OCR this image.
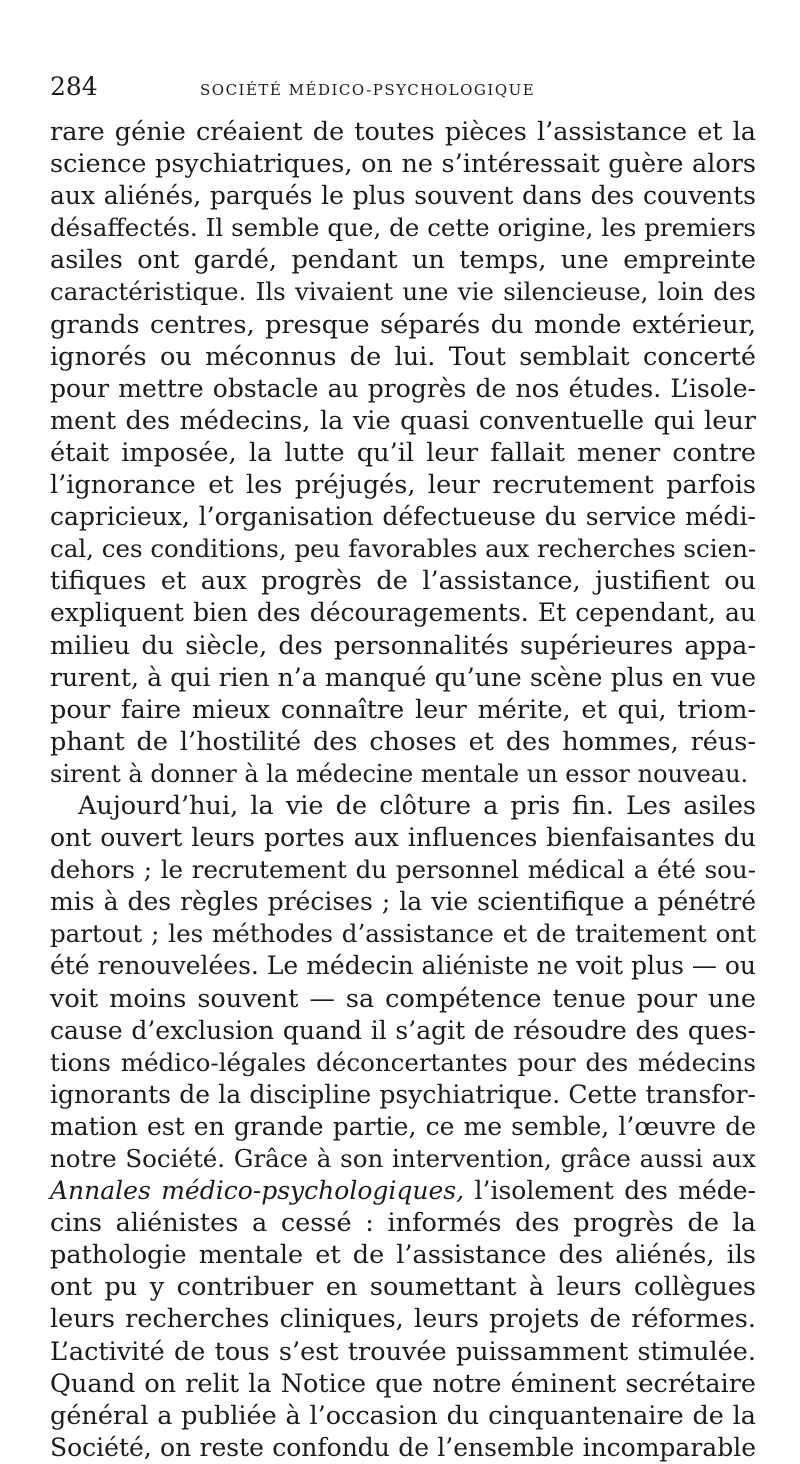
284	SOCIÉTÉ MÉDICO-PSYCHOLOGIQUE

rare génie créaient de toutes pièces l’assistance et la

science psychiatriques, on ne s’intéressait guère alors

aux aliénés, parqués le plus souvent dans des couvents

désaffectés. Il semble que, de cette origine, les premiers

asiles ont gardé, pendant un temps, une empreinte

caractéristique. Ils vivaient une vie silencieuse, loin des

grands centres, presque séparés du monde extérieur,

ignorés ou méconnus de lui. Tout semblait concerté

pour mettre obstacle au progrès de nos études. L’isole-

ment des médecins, la vie quasi conventuelle qui leur

était imposée, la lutte qu’il leur fallait mener contre

l’ignorance et les préjugés, leur recrutement parfois

capricieux, l’organisation défectueuse du service médi-

cal, ces conditions, peu favorables aux recherches scien-

tifiques et aux progrès de l’assistance, justifient ou

expliquent bien des découragements. Et cependant, au

milieu du siècle, des personnalités supérieures appa-

rurent, à qui rien n’a manqué qu’une scène plus en vue

pour faire mieux connaître leur mérite, et qui, triom-

phant de l’hostilité des choses et des hommes, réus-

sirent à donner à la médecine mentale un essor nouveau.

Aujourd’hui, la vie de clôture a pris fin. Les asiles

ont ouvert leurs portes aux influences bienfaisantes du

dehors ; le recrutement du personnel médical a été sou-

mis à des règles précises ; la vie scientifique a pénétré

partout ; les méthodes d’assistance et de traitement ont

été renouvelées. Le médecin aliéniste ne voit plus — ou

voit moins souvent — sa compétence tenue pour une

cause d’exclusion quand il s’agit de résoudre des ques-

tions médico-légales déconcertantes pour des médecins

ignorants de la discipline psychiatrique. Cette transfor-

mation est en grande partie, ce me semble, l’œuvre de

notre Société. Grâce à son intervention, grâce aussi aux

Annales médico-psychologiques, l’isolement des méde-

cins aliénistes a cessé : informés des progrès de la

pathologie mentale et de l’assistance des aliénés, ils

ont pu y contribuer en soumettant à leurs collègues

leurs recherches cliniques, leurs projets de réformes.

L’activité de tous s’est trouvée puissamment stimulée.

Quand on relit la Notice que notre éminent secrétaire

général a publiée à l’occasion du cinquantenaire de la

Société, on reste confondu de l’ensemble incomparable
